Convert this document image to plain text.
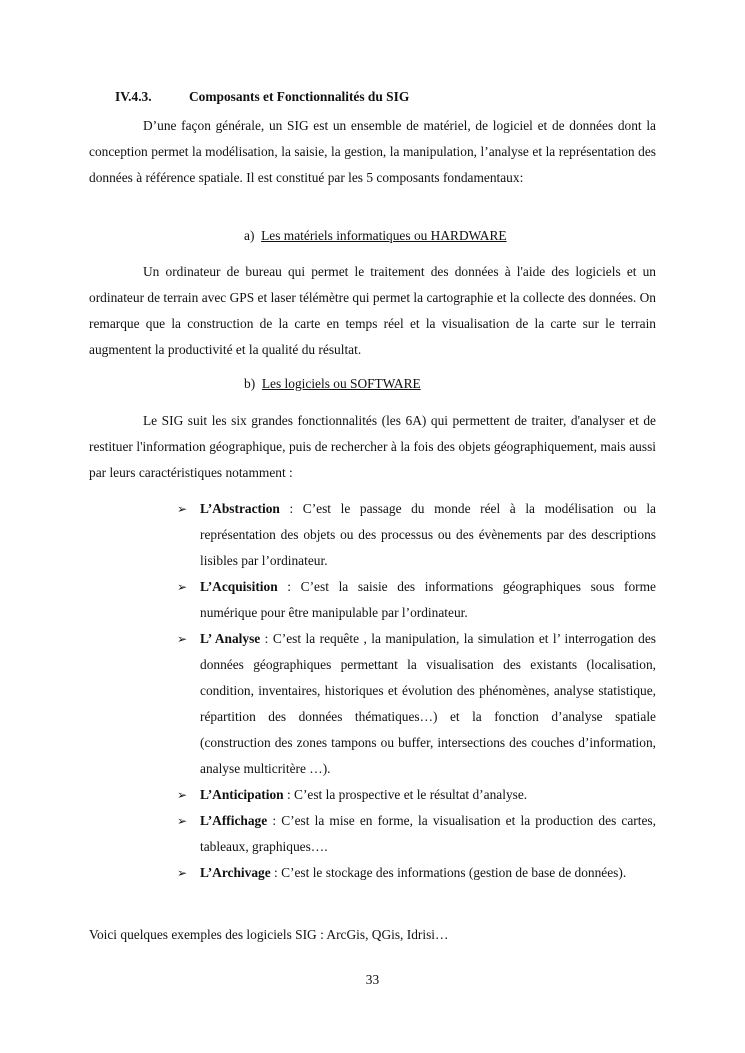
IV.4.3.	Composants et Fonctionnalités du SIG

D’une façon générale, un SIG est un ensemble de matériel, de logiciel et de données dont la conception permet la modélisation, la saisie, la gestion, la manipulation, l’analyse et la représentation des données à référence spatiale. Il est constitué par les 5 composants fondamentaux:

a) Les matériels informatiques ou HARDWARE

Un ordinateur de bureau qui permet le traitement des données à l'aide des logiciels et un ordinateur de terrain avec GPS et laser télémètre qui permet la cartographie et la collecte des données. On remarque que la construction de la carte en temps réel et la visualisation de la carte sur le terrain augmentent la productivité et la qualité du résultat.

b) Les logiciels ou SOFTWARE

Le SIG suit les six grandes fonctionnalités (les 6A) qui permettent de traiter, d'analyser et de restituer l'information géographique, puis de rechercher à la fois des objets géographiquement, mais aussi par leurs caractéristiques notamment :

➢ L’Abstraction : C’est le passage du monde réel à la modélisation ou la représentation des objets ou des processus ou des évènements par des descriptions lisibles par l’ordinateur.
➢ L’Acquisition : C’est la saisie des informations géographiques sous forme numérique pour être manipulable par l’ordinateur.
➢ L’ Analyse : C’est la requête , la manipulation, la simulation et l’ interrogation des données géographiques permettant la visualisation des existants (localisation, condition, inventaires, historiques et évolution des phénomènes, analyse statistique, répartition des données thématiques…) et la fonction d’analyse spatiale (construction des zones tampons ou buffer, intersections des couches d’information, analyse multicritère …).
➢ L’Anticipation : C’est la prospective et le résultat d’analyse.
➢ L’Affichage : C’est la mise en forme, la visualisation et la production des cartes, tableaux, graphiques….
➢ L’Archivage : C’est le stockage des informations (gestion de base de données).

Voici quelques exemples des logiciels SIG : ArcGis, QGis, Idrisi…

33
